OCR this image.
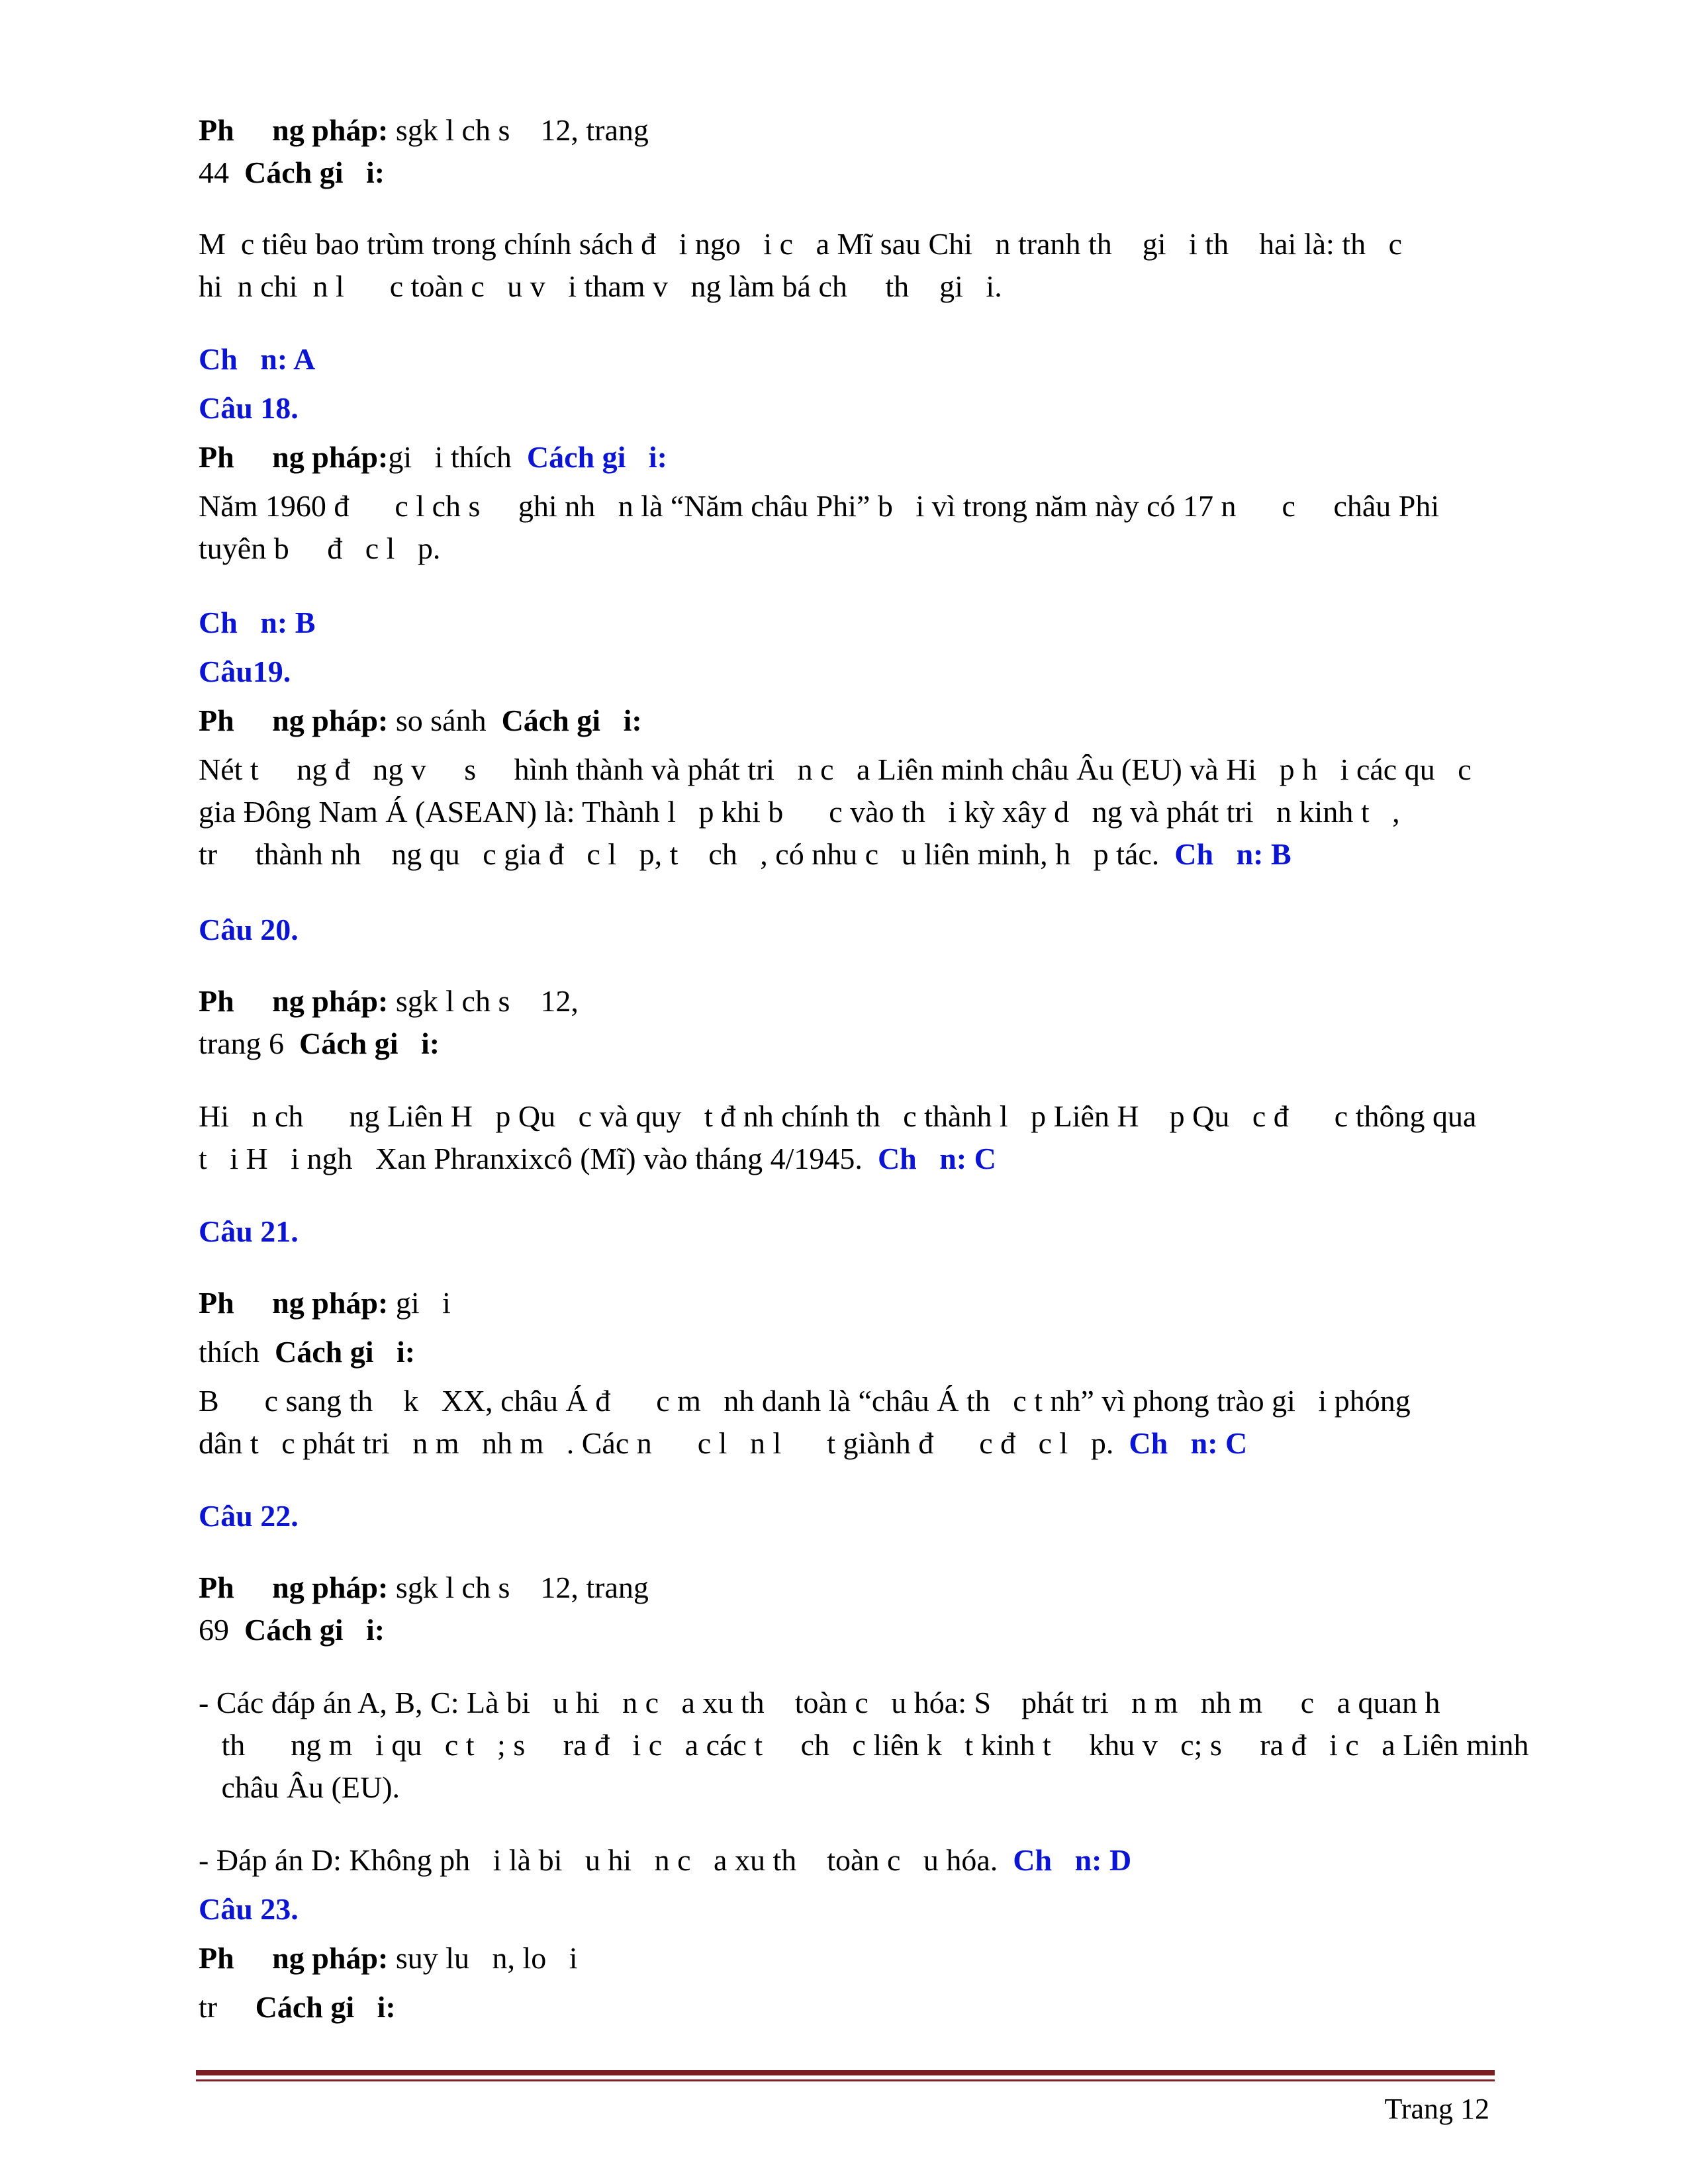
Ph     ng pháp: sgk l ch s    12, trang

44  Cách gi   i:

M  c tiêu bao trùm trong chính sách đ   i ngo   i c   a Mĩ sau Chi   n tranh th    gi   i th    hai là: th   c

hi  n chi  n l      c toàn c   u v   i tham v   ng làm bá ch     th    gi   i.

Ch   n: A

Câu 18.

Ph     ng pháp:gi   i thích  Cách gi   i:

Năm 1960 đ      c l ch s     ghi nh   n là “Năm châu Phi” b   i vì trong năm này có 17 n      c     châu Phi

tuyên b     đ   c l   p.

Ch   n: B

Câu19.

Ph     ng pháp: so sánh  Cách gi   i:

Nét t     ng đ   ng v     s     hình thành và phát tri   n c   a Liên minh châu Âu (EU) và Hi   p h   i các qu   c

gia Đông Nam Á (ASEAN) là: Thành l   p khi b      c vào th   i kỳ xây d   ng và phát tri   n kinh t   ,

tr     thành nh    ng qu   c gia đ   c l   p, t    ch   , có nhu c   u liên minh, h   p tác.  Ch   n: B

Câu 20.

Ph     ng pháp: sgk l ch s    12,

trang 6  Cách gi   i:

Hi   n ch      ng Liên H   p Qu   c và quy   t đ nh chính th   c thành l   p Liên H    p Qu   c đ      c thông qua

t   i H   i ngh   Xan Phranxixcô (Mĩ) vào tháng 4/1945.  Ch   n: C

Câu 21.

Ph     ng pháp: gi   i

thích  Cách gi   i:

B      c sang th    k   XX, châu Á đ      c m   nh danh là “châu Á th   c t nh” vì phong trào gi   i phóng

dân t   c phát tri   n m   nh m   . Các n      c l   n l      t giành đ      c đ   c l   p.  Ch   n: C

Câu 22.

Ph     ng pháp: sgk l ch s    12, trang

69  Cách gi   i:

- Các đáp án A, B, C: Là bi   u hi   n c   a xu th    toàn c   u hóa: S    phát tri   n m   nh m     c   a quan h

th      ng m   i qu   c t   ; s     ra đ   i c   a các t     ch   c liên k   t kinh t     khu v   c; s     ra đ   i c   a Liên minh

châu Âu (EU).

- Đáp án D: Không ph   i là bi   u hi   n c   a xu th    toàn c   u hóa.  Ch   n: D

Câu 23.

Ph     ng pháp: suy lu   n, lo   i

tr     Cách gi   i:

Trang 12
